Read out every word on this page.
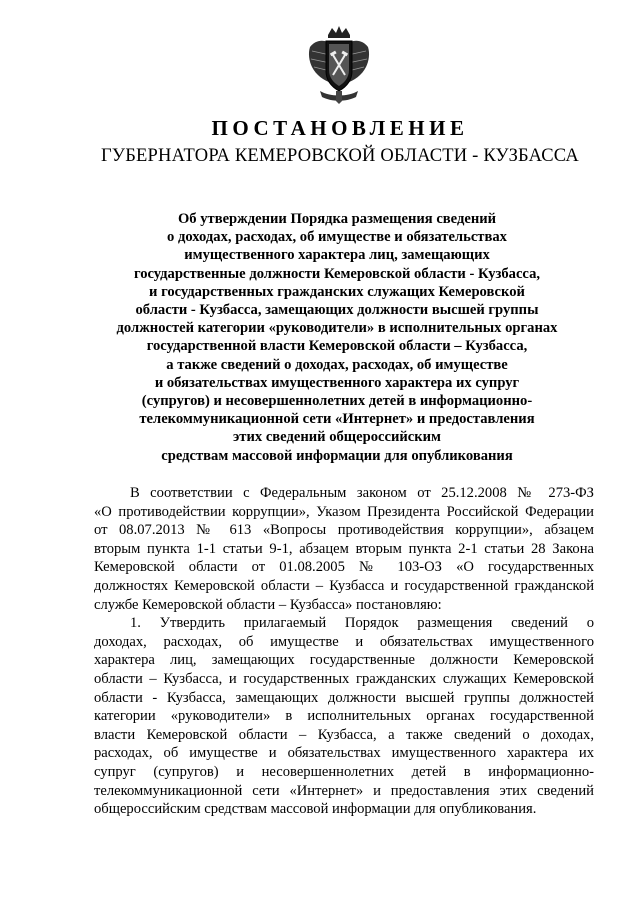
ПОСТАНОВЛЕНИЕ
ГУБЕРНАТОРА КЕМЕРОВСКОЙ ОБЛАСТИ - КУЗБАССА
Об утверждении Порядка размещения сведений
о доходах, расходах, об имуществе и обязательствах
имущественного характера лиц, замещающих
государственные должности Кемеровской области - Кузбасса,
и государственных гражданских служащих Кемеровской
области - Кузбасса, замещающих должности высшей группы
должностей категории «руководители» в исполнительных органах
государственной власти Кемеровской области – Кузбасса,
а также сведений о доходах, расходах, об имуществе
и обязательствах имущественного характера их супруг
(супругов) и несовершеннолетних детей в информационно-
телекоммуникационной сети «Интернет» и предоставления
этих сведений общероссийским
средствам массовой информации для опубликования
В соответствии с Федеральным законом от 25.12.2008 № 273-ФЗ
«О противодействии коррупции», Указом Президента Российской Федерации
от 08.07.2013 № 613 «Вопросы противодействия коррупции», абзацем
вторым пункта 1-1 статьи 9-1, абзацем вторым пункта 2-1 статьи 28 Закона
Кемеровской области от 01.08.2005 № 103-ОЗ «О государственных
должностях Кемеровской области – Кузбасса и государственной гражданской
службе Кемеровской области – Кузбасса» постановляю:
1. Утвердить прилагаемый Порядок размещения сведений о
доходах, расходах, об имуществе и обязательствах имущественного
характера лиц, замещающих государственные должности Кемеровской
области – Кузбасса, и государственных гражданских служащих Кемеровской
области - Кузбасса, замещающих должности высшей группы должностей
категории «руководители» в исполнительных органах государственной
власти Кемеровской области – Кузбасса, а также сведений о доходах,
расходах, об имуществе и обязательствах имущественного характера их
супруг (супругов) и несовершеннолетних детей в информационно-
телекоммуникационной сети «Интернет» и предоставления этих сведений
общероссийским средствам массовой информации для опубликования.
